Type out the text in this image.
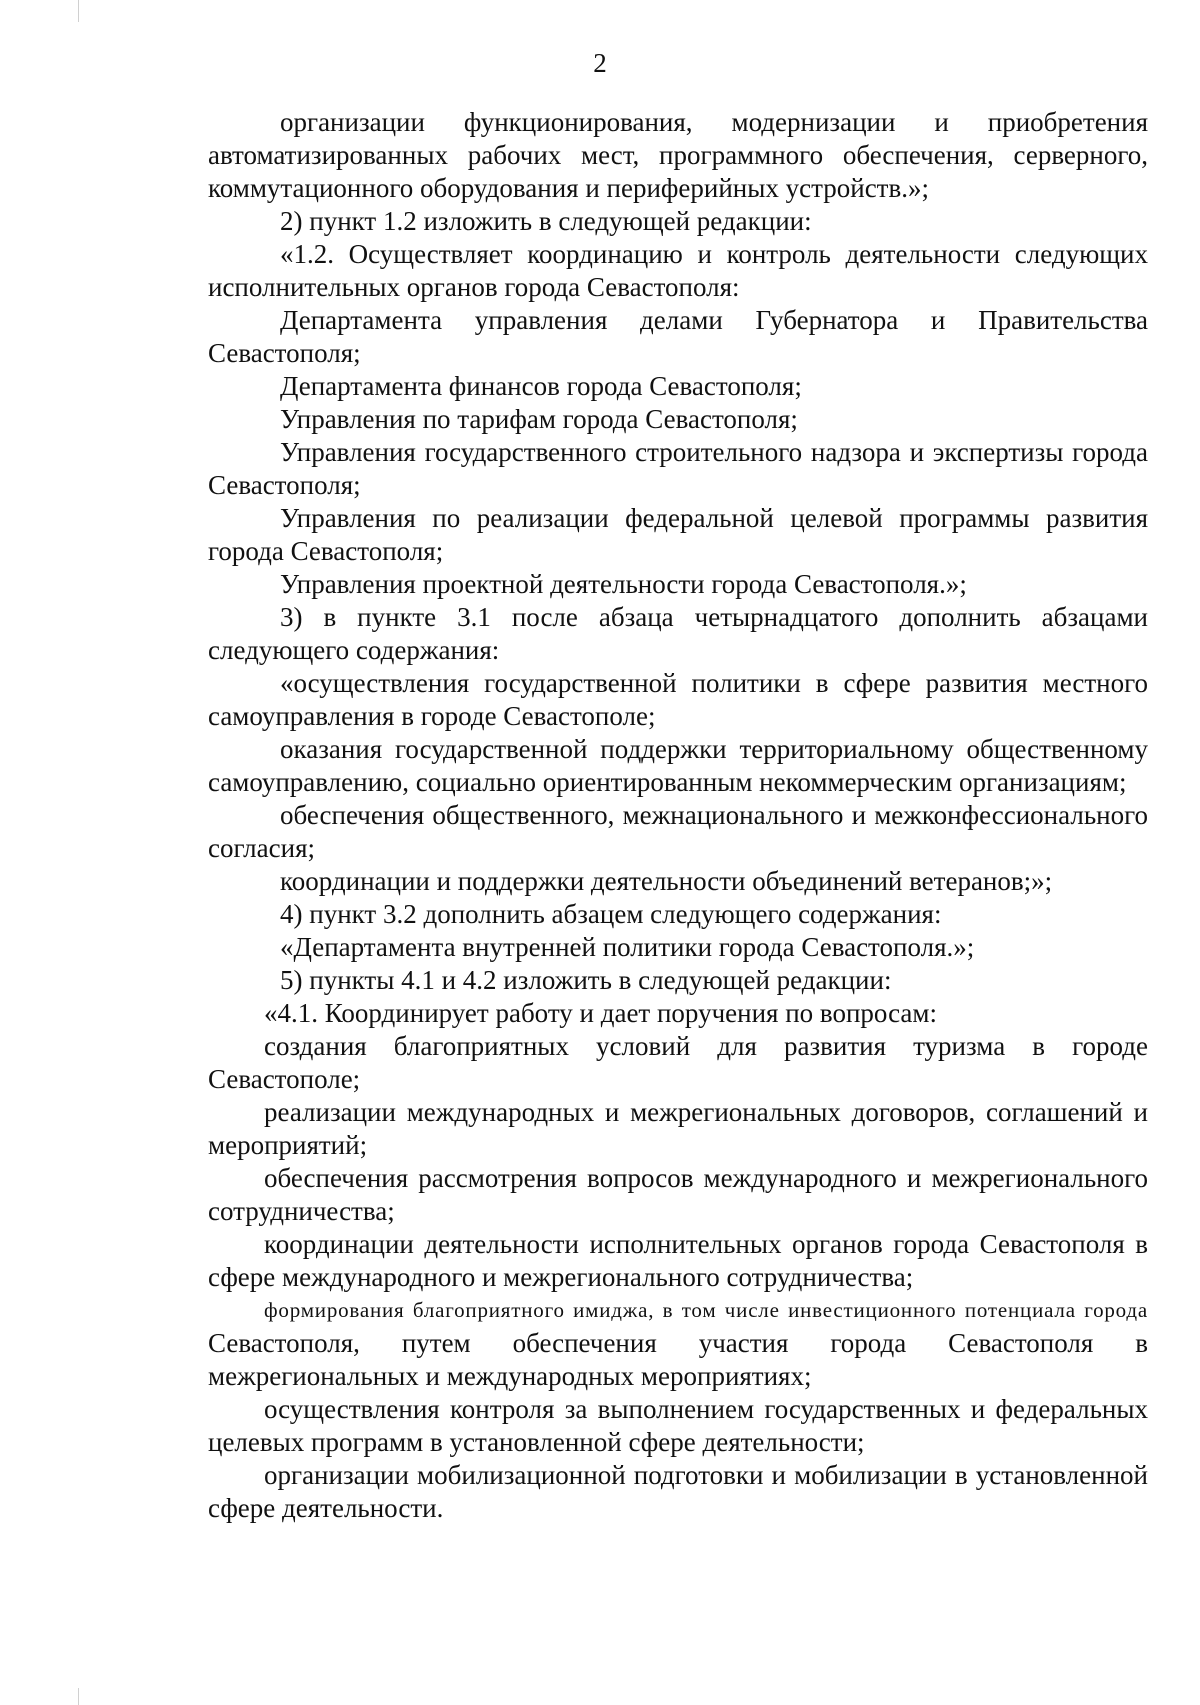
2

организации функционирования, модернизации и приобретения автоматизированных рабочих мест, программного обеспечения, серверного, коммутационного оборудования и периферийных устройств.»;

2) пункт 1.2 изложить в следующей редакции:

«1.2. Осуществляет координацию и контроль деятельности следующих исполнительных органов города Севастополя:

Департамента управления делами Губернатора и Правительства Севастополя;

Департамента финансов города Севастополя;

Управления по тарифам города Севастополя;

Управления государственного строительного надзора и экспертизы города Севастополя;

Управления по реализации федеральной целевой программы развития города Севастополя;

Управления проектной деятельности города Севастополя.»;

3) в пункте 3.1 после абзаца четырнадцатого дополнить абзацами следующего содержания:

«осуществления государственной политики в сфере развития местного самоуправления в городе Севастополе;

оказания государственной поддержки территориальному общественному самоуправлению, социально ориентированным некоммерческим организациям;

обеспечения общественного, межнационального и межконфессионального согласия;

координации и поддержки деятельности объединений ветеранов;»;

4) пункт 3.2 дополнить абзацем следующего содержания:

«Департамента внутренней политики города Севастополя.»;

5) пункты 4.1 и 4.2 изложить в следующей редакции:

«4.1. Координирует работу и дает поручения по вопросам:

создания благоприятных условий для развития туризма в городе Севастополе;

реализации международных и межрегиональных договоров, соглашений и мероприятий;

обеспечения рассмотрения вопросов международного и межрегионального сотрудничества;

координации деятельности исполнительных органов города Севастополя в сфере международного и межрегионального сотрудничества;

формирования благоприятного имиджа, в том числе инвестиционного потенциала города Севастополя, путем обеспечения участия города Севастополя в межрегиональных и международных мероприятиях;

осуществления контроля за выполнением государственных и федеральных целевых программ в установленной сфере деятельности;

организации мобилизационной подготовки и мобилизации в установленной сфере деятельности.
